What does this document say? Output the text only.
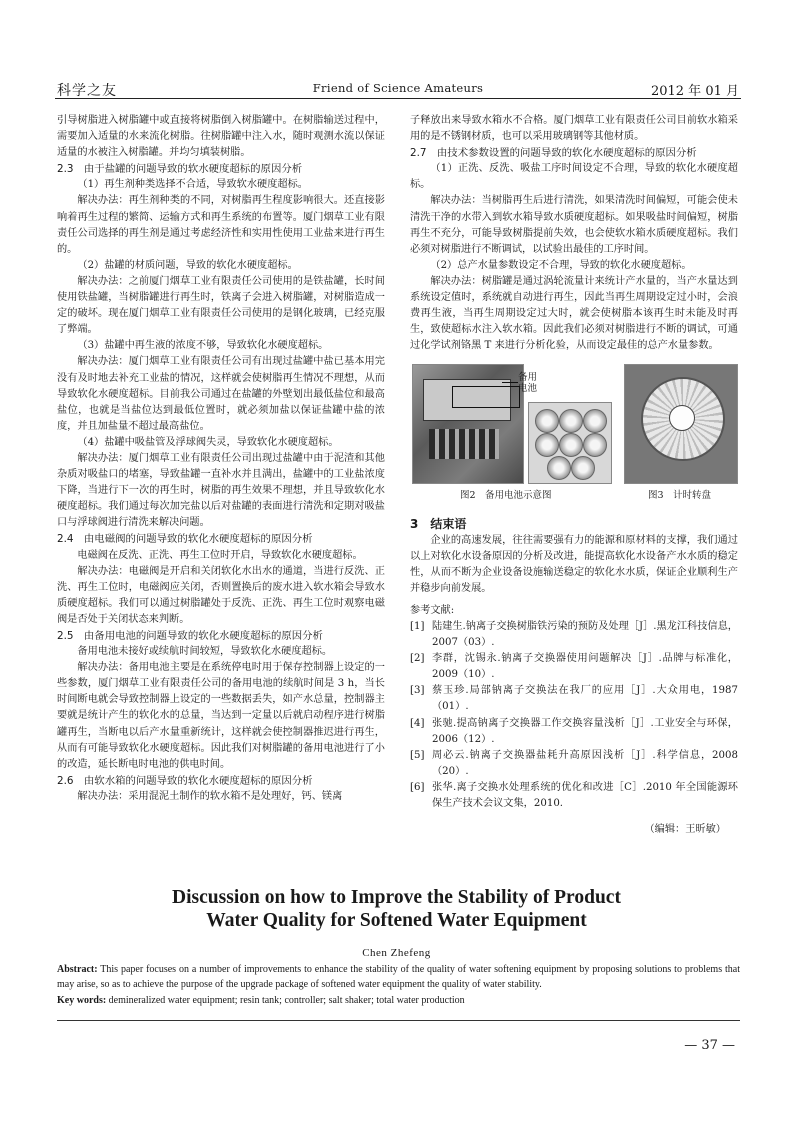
科学之友	Friend of Science Amateurs	2012 年 01 月

引导树脂进入树脂罐中或直接将树脂倒入树脂罐中。在树脂输送过程中，需要加入适量的水来流化树脂。往树脂罐中注入水，随时观测水流以保证适量的水被注入树脂罐。并均匀填装树脂。

2.3　由于盐罐的问题导致的软水硬度超标的原因分析

（1）再生剂种类选择不合适，导致软水硬度超标。

解决办法：再生剂种类的不同，对树脂再生程度影响很大。还直接影响着再生过程的繁简、运输方式和再生系统的布置等。厦门烟草工业有限责任公司选择的再生剂是通过考虑经济性和实用性使用工业盐来进行再生的。

（2）盐罐的材质问题，导致的软化水硬度超标。

解决办法：之前厦门烟草工业有限责任公司使用的是铁盐罐，长时间使用铁盐罐，当树脂罐进行再生时，铁离子会进入树脂罐，对树脂造成一定的破坏。现在厦门烟草工业有限责任公司使用的是钢化玻璃，已经克服了弊端。

（3）盐罐中再生液的浓度不够，导致软化水硬度超标。

解决办法：厦门烟草工业有限责任公司有出现过盐罐中盐已基本用完没有及时地去补充工业盐的情况，这样就会使树脂再生情况不理想，从而导致软化水硬度超标。目前我公司通过在盐罐的外壁划出最低盐位和最高盐位，也就是当盐位达到最低位置时，就必须加盐以保证盐罐中盐的浓度，并且加盐量不超过最高盐位。

（4）盐罐中吸盐管及浮球阀失灵，导致软化水硬度超标。

解决办法：厦门烟草工业有限责任公司出现过盐罐中由于泥渣和其他杂质对吸盐口的堵塞，导致盐罐一直补水并且满出，盐罐中的工业盐浓度下降，当进行下一次的再生时，树脂的再生效果不理想，并且导致软化水硬度超标。我们通过每次加完盐以后对盐罐的表面进行清洗和定期对吸盐口与浮球阀进行清洗来解决问题。

2.4　由电磁阀的问题导致的软化水硬度超标的原因分析

电磁阀在反洗、正洗、再生工位时开启，导致软化水硬度超标。

解决办法：电磁阀是开启和关闭软化水出水的通道，当进行反洗、正洗、再生工位时，电磁阀应关闭，否则置换后的废水进入软水箱会导致水质硬度超标。我们可以通过树脂罐处于反洗、正洗、再生工位时观察电磁阀是否处于关闭状态来判断。

2.5　由备用电池的问题导致的软化水硬度超标的原因分析

备用电池未接好或续航时间较短，导致软化水硬度超标。

解决办法：备用电池主要是在系统停电时用于保存控制器上设定的一些参数，厦门烟草工业有限责任公司的备用电池的续航时间是 3 h，当长时间断电就会导致控制器上设定的一些数据丢失，如产水总量，控制器主要就是统计产生的软化水的总量，当达到一定量以后就启动程序进行树脂罐再生，当断电以后产水量重新统计，这样就会使控制器推迟进行再生，从而有可能导致软化水硬度超标。因此我们对树脂罐的备用电池进行了小的改造，延长断电时电池的供电时间。

2.6　由软水箱的问题导致的软化水硬度超标的原因分析

解决办法：采用混泥土制作的软水箱不是处理好，钙、镁离

子释放出来导致水箱水不合格。厦门烟草工业有限责任公司目前软水箱采用的是不锈钢材质，也可以采用玻璃钢等其他材质。

2.7　由技术参数设置的问题导致的软化水硬度超标的原因分析

（1）正洗、反洗、吸盐工序时间设定不合理，导致的软化水硬度超标。

解决办法：当树脂再生后进行清洗，如果清洗时间偏短，可能会使未清洗干净的水带入到软水箱导致水质硬度超标。如果吸盐时间偏短，树脂再生不充分，可能导致树脂提前失效，也会使软水箱水质硬度超标。我们必须对树脂进行不断调试，以试验出最佳的工序时间。

（2）总产水量参数设定不合理，导致的软化水硬度超标。

解决办法：树脂罐是通过涡轮流量计来统计产水量的，当产水量达到系统设定值时，系统就自动进行再生，因此当再生周期设定过小时，会浪费再生液，当再生周期设定过大时，就会使树脂本该再生时未能及时再生，致使超标水注入软水箱。因此我们必须对树脂进行不断的调试，可通过化学试剂铬黑 T 来进行分析化验，从而设定最佳的总产水量参数。

备用
电池
图2　备用电池示意图	图3　计时转盘

3　结束语

企业的高速发展，往往需要强有力的能源和原材料的支撑，我们通过以上对软化水设备原因的分析及改进，能提高软化水设备产水水质的稳定性，从而不断为企业设备设施输送稳定的软化水水质，保证企业顺利生产并稳步向前发展。

参考文献:

[1] 陆建生.钠离子交换树脂铁污染的预防及处理［J］.黑龙江科技信息，2007（03）.
[2] 李群，沈锡永.钠离子交换器使用问题解决［J］.品牌与标准化，2009（10）.
[3] 蔡玉珍.局部钠离子交换法在我厂的应用［J］.大众用电，1987（01）.
[4] 张驰.提高钠离子交换器工作交换容量浅析［J］.工业安全与环保，2006（12）.
[5] 周必云.钠离子交换器盐耗升高原因浅析［J］.科学信息，2008（20）.
[6] 张华.离子交换水处理系统的优化和改进［C］.2010 年全国能源环保生产技术会议文集，2010.

（编辑：王昕敏）

Discussion on how to Improve the Stability of Product
Water Quality for Softened Water Equipment
Chen Zhefeng
Abstract: This paper focuses on a number of improvements to enhance the stability of the quality of water softening equipment by proposing solutions to problems that may arise, so as to achieve the purpose of the upgrade package of softened water equipment the quality of water stability.
Key words: demineralized water equipment; resin tank; controller; salt shaker; total water production
— 37 —
